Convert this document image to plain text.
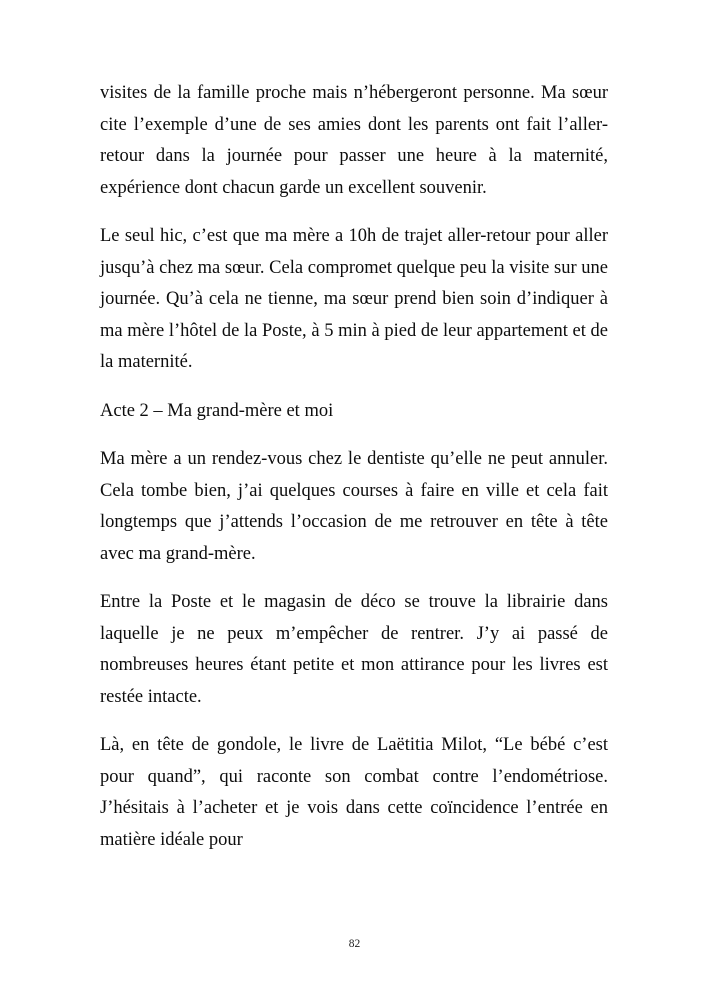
visites de la famille proche mais n’hébergeront personne. Ma sœur cite l’exemple d’une de ses amies dont les parents ont fait l’aller-retour dans la journée pour passer une heure à la maternité, expérience dont chacun garde un excellent souvenir.

Le seul hic, c’est que ma mère a 10h de trajet aller-retour pour aller jusqu’à chez ma sœur. Cela compromet quelque peu la visite sur une journée. Qu’à cela ne tienne, ma sœur prend bien soin d’indiquer à ma mère l’hôtel de la Poste, à 5 min à pied de leur appartement et de la maternité.

Acte 2 – Ma grand-mère et moi

Ma mère a un rendez-vous chez le dentiste qu’elle ne peut annuler. Cela tombe bien, j’ai quelques courses à faire en ville et cela fait longtemps que j’attends l’occasion de me retrouver en tête à tête avec ma grand-mère.

Entre la Poste et le magasin de déco se trouve la librairie dans laquelle je ne peux m’empêcher de rentrer. J’y ai passé de nombreuses heures étant petite et mon attirance pour les livres est restée intacte.

Là, en tête de gondole, le livre de Laëtitia Milot, “Le bébé c’est pour quand”, qui raconte son combat contre l’endométriose. J’hésitais à l’acheter et je vois dans cette coïncidence l’entrée en matière idéale pour

82
